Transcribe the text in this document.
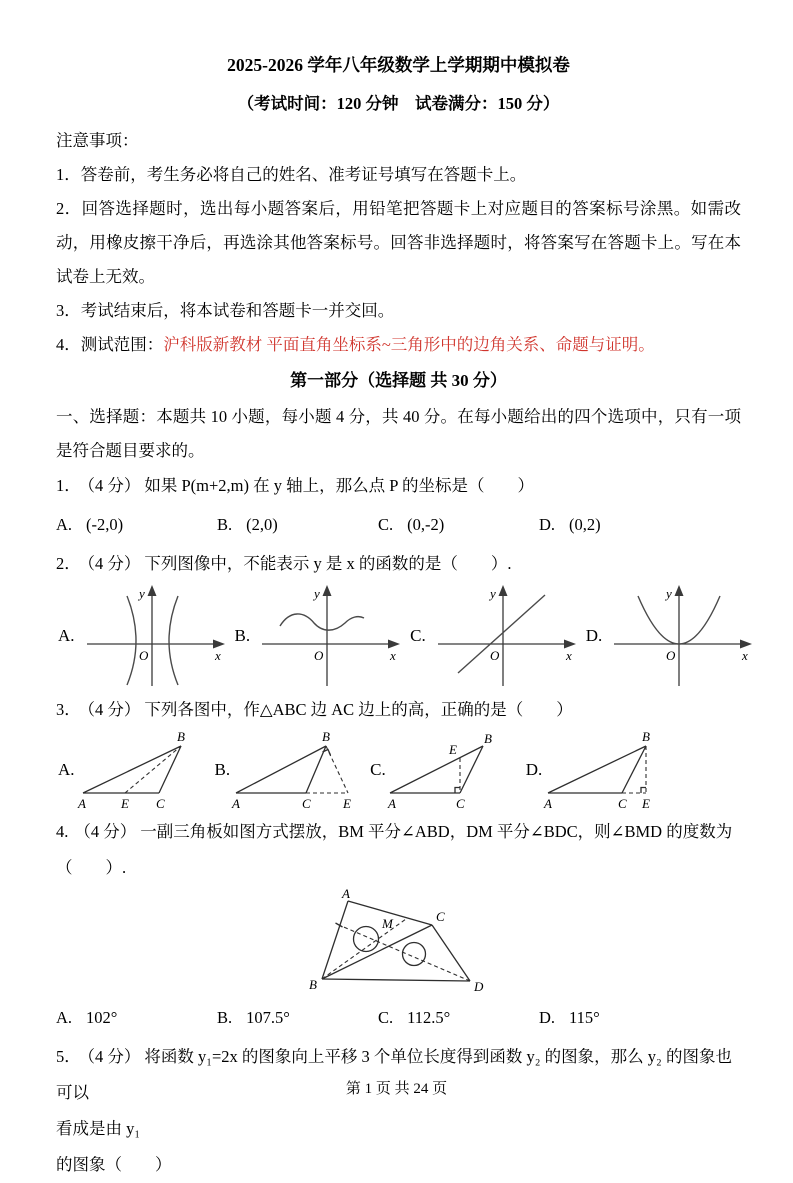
2025-2026 学年八年级数学上学期期中模拟卷
（考试时间：120 分钟　试卷满分：150 分）

注意事项：

1．答卷前，考生务必将自己的姓名、准考证号填写在答题卡上。

2．回答选择题时，选出每小题答案后，用铅笔把答题卡上对应题目的答案标号涂黑。如需改动，用橡皮擦干净后，再选涂其他答案标号。回答非选择题时，将答案写在答题卡上。写在本试卷上无效。

3．考试结束后，将本试卷和答题卡一并交回。

4．测试范围：沪科版新教材 平面直角坐标系~三角形中的边角关系、命题与证明。

第一部分（选择题 共 30 分）

一、选择题：本题共 10 小题，每小题 4 分，共 40 分。在每小题给出的四个选项中，只有一项是符合题目要求的。

1． （4 分） 如果 P(m+2,m) 在 y 轴上，那么点 P 的坐标是（　　）

A. (-2,0)	B. (2,0)	C. (0,-2)	D. (0,2)

2． （4 分） 下列图像中，不能表示 y 是 x 的函数的是（　　）.

A.
y
x
O
B.
y
x
O
C.
y
x
O
D.
y
x
O

3． （4 分） 下列各图中，作△ABC 边 AC 边上的高，正确的是（　　）

A.
A	E C
B
A	C E
B
B.	C.
A	C
E
B
D.
A	C E
B

4. （4 分） 一副三角板如图方式摆放，BM 平分∠ABD，DM 平分∠BDC，则∠BMD 的度数为（　　）.

A
C
B	D
M
A. 102°	B. 107.5°	C. 112.5°	D. 115°

5． （4 分） 将函数 y₁=2x 的图象向上平移 3 个单位长度得到函数 y₂ 的图象，那么 y₂ 的图象也可以

看成是由 y₁

的图象（　　）

第 1 页 共 24 页
